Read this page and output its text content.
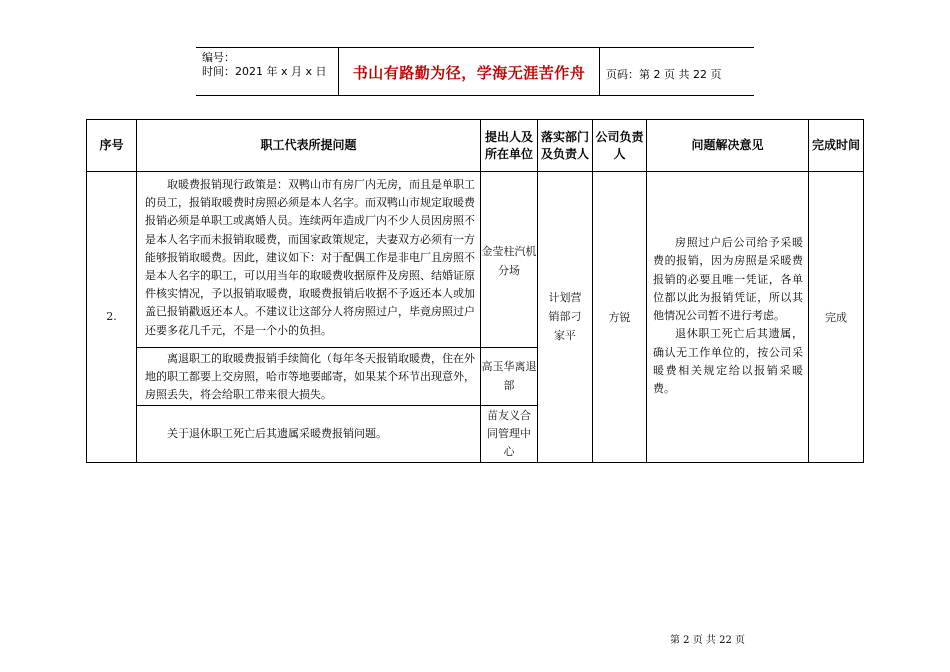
编号：
时间：2021 年 x 月 x 日	书山有路勤为径，学海无涯苦作舟	页码：第 2 页 共 22 页
序号	职工代表所提问题	提出人及所在单位	落实部门及负责人	公司负责人	问题解决意见	完成时间
2.	取暖费报销现行政策是：双鸭山市有房厂内无房，而且是单职工的员工，报销取暖费时房照必须是本人名字。而双鸭山市规定取暖费报销必须是单职工或离婚人员。连续两年造成厂内不少人员因房照不是本人名字而未报销取暖费，而国家政策规定，夫妻双方必须有一方能够报销取暖费。因此，建议如下：对于配偶工作是非电厂且房照不是本人名字的职工，可以用当年的取暖费收据原件及房照、结婚证原件核实情况，予以报销取暖费，取暖费报销后收据不予返还本人或加盖已报销戳返还本人。不建议让这部分人将房照过户，毕竟房照过户还要多花几千元，不是一个小的负担。	金莹柱汽机分场	计划营销部刁家平	方锐	房照过户后公司给予采暖费的报销，因为房照是采暖费报销的必要且唯一凭证，各单位都以此为报销凭证，所以其他情况公司暂不进行考虑。
退休职工死亡后其遗属，确认无工作单位的，按公司采暖费相关规定给以报销采暖费。	完成

	离退职工的取暖费报销手续简化（每年冬天报销取暖费，住在外地的职工都要上交房照，哈市等地要邮寄，如果某个环节出现意外，房照丢失，将会给职工带来很大损失。	高玉华离退部				

	关于退休职工死亡后其遗属采暖费报销问题。	苗友义合同管理中心				
第 2 页 共 22 页
